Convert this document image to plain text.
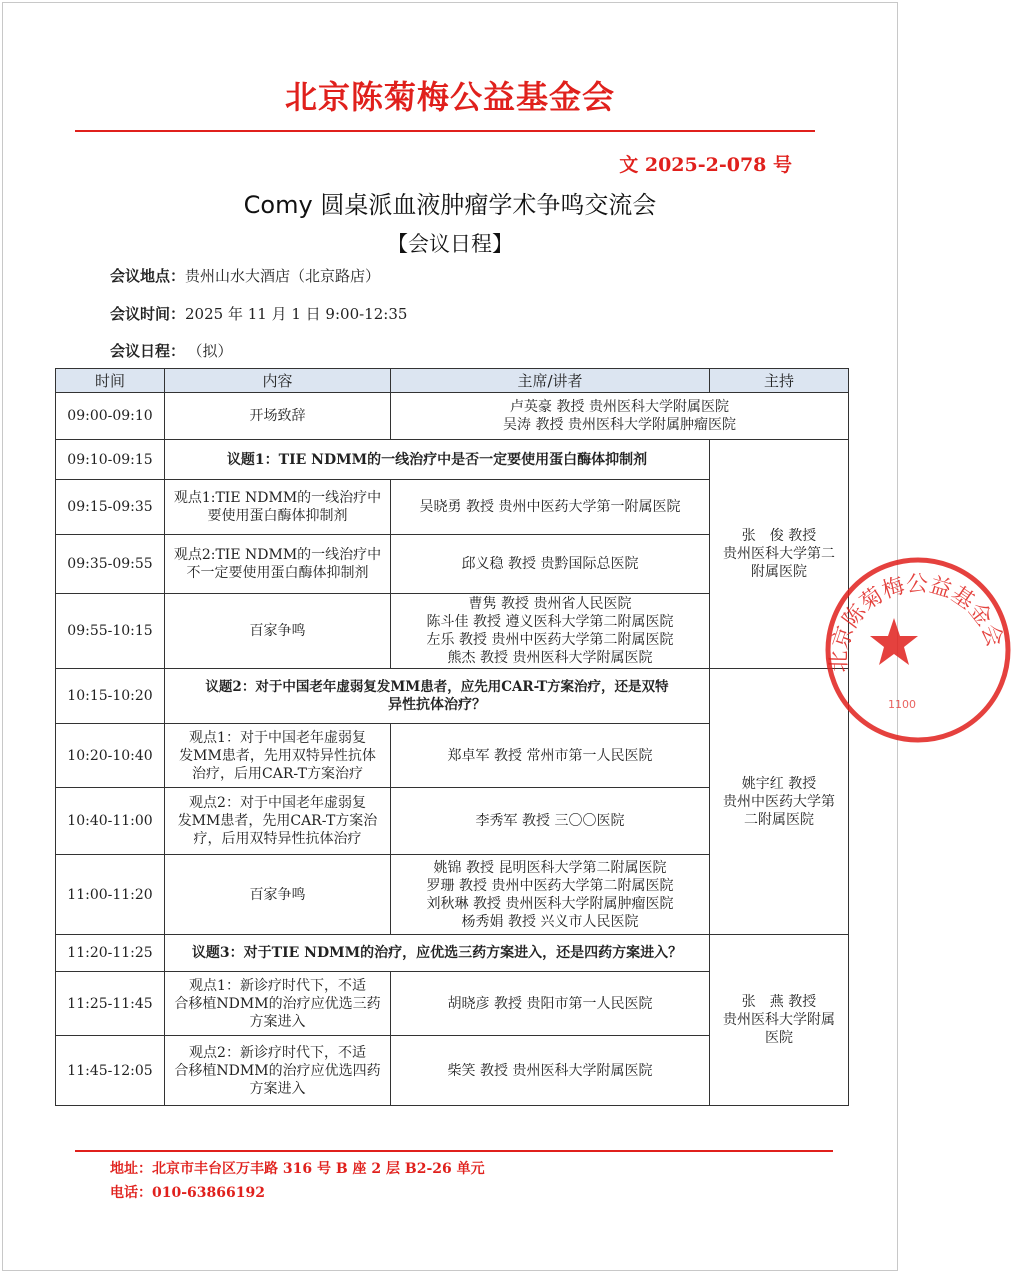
北京陈菊梅公益基金会
文 2025-2-078 号
Comy 圆桌派血液肿瘤学术争鸣交流会
【会议日程】
会议地点：贵州山水大酒店（北京路店）
会议时间：2025 年 11 月 1 日 9:00-12:35
会议日程： （拟）
时间	内容	主席/讲者	主持
09:00-09:10	开场致辞	卢英豪 教授 贵州医科大学附属医院
吴涛 教授 贵州医科大学附属肿瘤医院	

09:10-09:15	议题1：TIE NDMM的一线治疗中是否一定要使用蛋白酶体抑制剂		张　俊 教授
贵州医科大学第二
附属医院

09:15-09:35	观点1:TIE NDMM的一线治疗中
要使用蛋白酶体抑制剂	吴晓勇 教授 贵州中医药大学第一附属医院	

09:35-09:55	观点2:TIE NDMM的一线治疗中
不一定要使用蛋白酶体抑制剂	邱义稳 教授 贵黔国际总医院	

09:55-10:15	百家争鸣	曹隽 教授 贵州省人民医院
陈斗佳 教授 遵义医科大学第二附属医院
左乐 教授 贵州中医药大学第二附属医院
熊杰 教授 贵州医科大学附属医院	

10:15-10:20	议题2：对于中国老年虚弱复发MM患者，应先用CAR-T方案治疗，还是双特
异性抗体治疗？		姚宇红 教授
贵州中医药大学第
二附属医院

10:20-10:40	观点1：对于中国老年虚弱复
发MM患者，先用双特异性抗体
治疗，后用CAR-T方案治疗	郑卓军 教授 常州市第一人民医院	

10:40-11:00	观点2：对于中国老年虚弱复
发MM患者，先用CAR-T方案治
疗，后用双特异性抗体治疗	李秀军 教授 三〇〇医院	

11:00-11:20	百家争鸣	姚锦 教授 昆明医科大学第二附属医院
罗珊 教授 贵州中医药大学第二附属医院
刘秋琳 教授 贵州医科大学附属肿瘤医院
杨秀娟 教授 兴义市人民医院	

11:20-11:25	议题3：对于TIE NDMM的治疗，应优选三药方案进入，还是四药方案进入？		张　燕 教授
贵州医科大学附属
医院

11:25-11:45	观点1：新诊疗时代下，不适
合移植NDMM的治疗应优选三药
方案进入	胡晓彦 教授 贵阳市第一人民医院	

11:45-12:05	观点2：新诊疗时代下，不适
合移植NDMM的治疗应优选四药
方案进入	柴笑 教授 贵州医科大学附属医院	
地址：北京市丰台区万丰路 316 号 B 座 2 层 B2-26 单元
电话：010-63866192
北京陈菊梅公益基金会
1100
